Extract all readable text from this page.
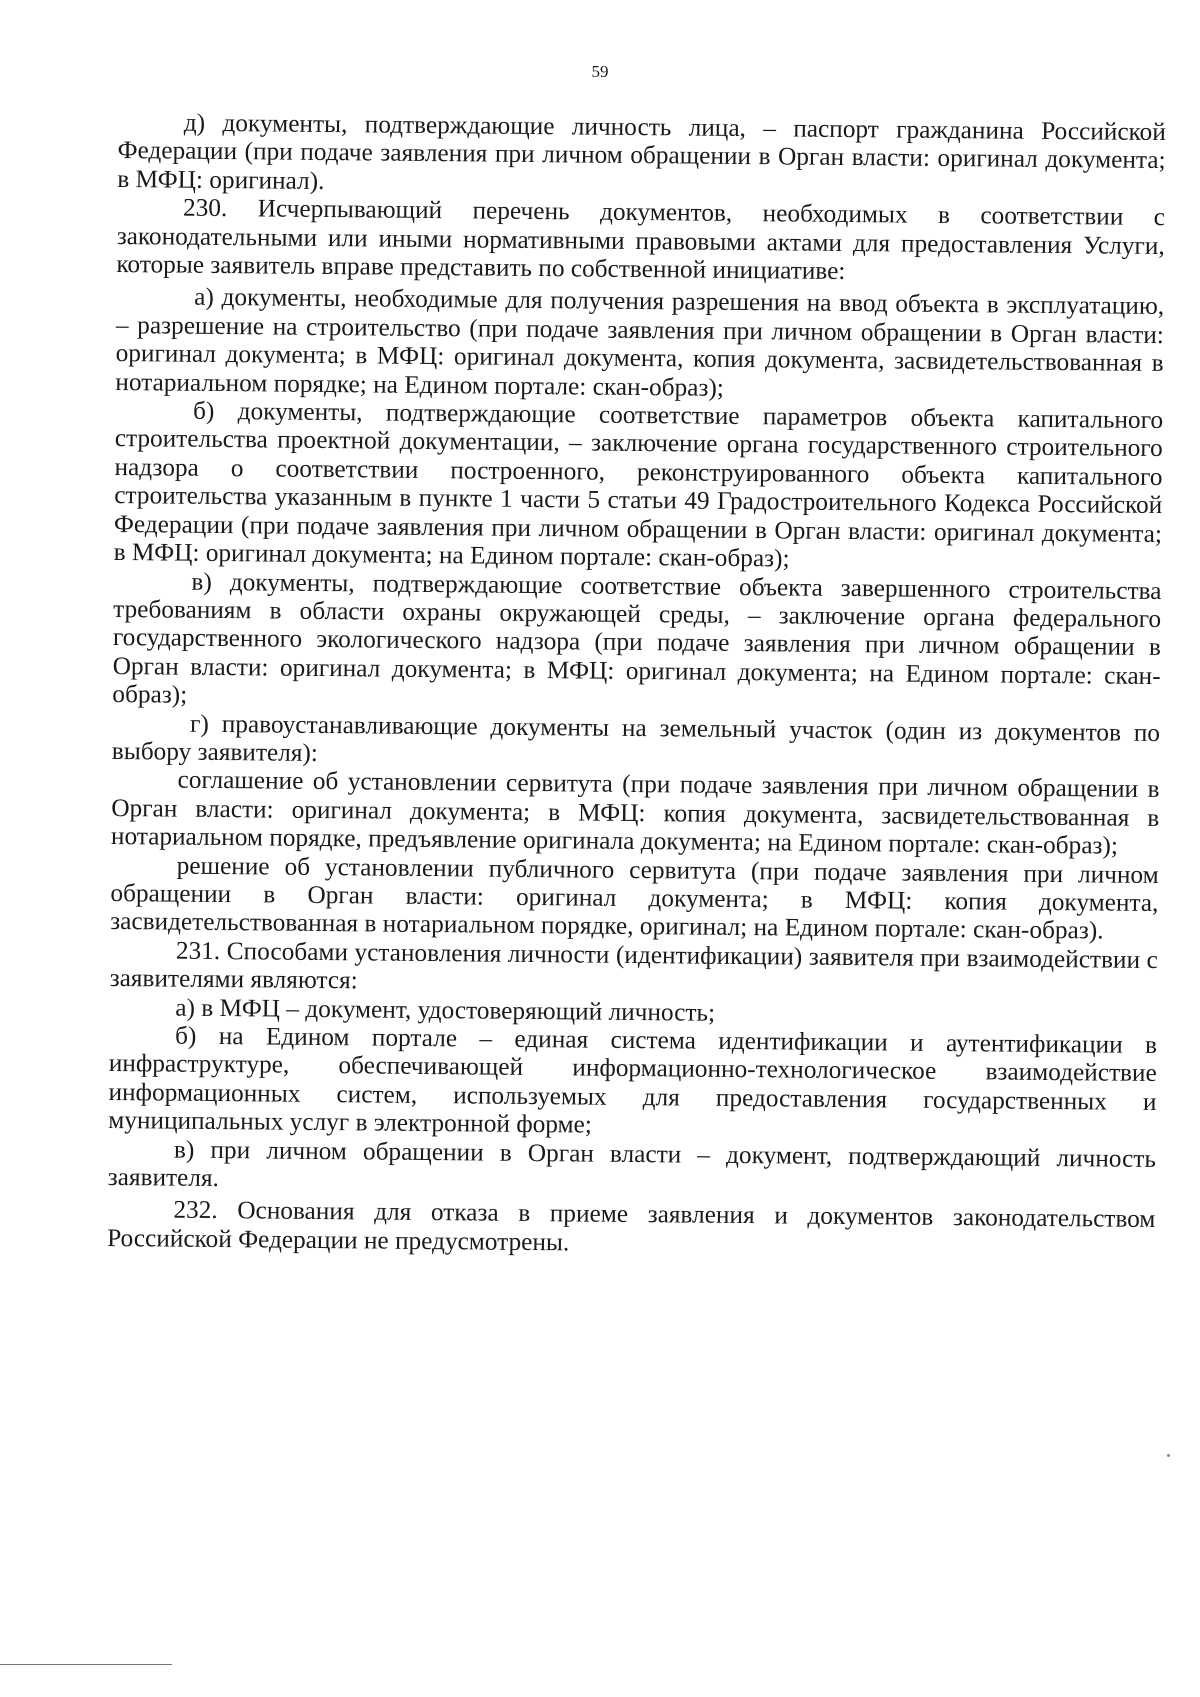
59

д) документы, подтверждающие личность лица, – паспорт гражданина Российской Федерации (при подаче заявления при личном обращении в Орган власти: оригинал документа; в МФЦ: оригинал).

230. Исчерпывающий перечень документов, необходимых в соответствии с законодательными или иными нормативными правовыми актами для предоставления Услуги, которые заявитель вправе представить по собственной инициативе:

а) документы, необходимые для получения разрешения на ввод объекта в эксплуатацию, – разрешение на строительство (при подаче заявления при личном обращении в Орган власти: оригинал документа; в МФЦ: оригинал документа, копия документа, засвидетельствованная в нотариальном порядке; на Едином портале: скан-образ);

б) документы, подтверждающие соответствие параметров объекта капитального строительства проектной документации, – заключение органа государственного строительного надзора о соответствии построенного, реконструированного объекта капитального строительства указанным в пункте 1 части 5 статьи 49 Градостроительного Кодекса Российской Федерации (при подаче заявления при личном обращении в Орган власти: оригинал документа; в МФЦ: оригинал документа; на Едином портале: скан-образ);

в) документы, подтверждающие соответствие объекта завершенного строительства требованиям в области охраны окружающей среды, – заключение органа федерального государственного экологического надзора (при подаче заявления при личном обращении в Орган власти: оригинал документа; в МФЦ: оригинал документа; на Едином портале: скан-образ);

г) правоустанавливающие документы на земельный участок (один из документов по выбору заявителя):

соглашение об установлении сервитута (при подаче заявления при личном обращении в Орган власти: оригинал документа; в МФЦ: копия документа, засвидетельствованная в нотариальном порядке, предъявление оригинала документа; на Едином портале: скан-образ);

решение об установлении публичного сервитута (при подаче заявления при личном обращении в Орган власти: оригинал документа; в МФЦ: копия документа, засвидетельствованная в нотариальном порядке, оригинал; на Едином портале: скан-образ).

231. Способами установления личности (идентификации) заявителя при взаимодействии с заявителями являются:

а) в МФЦ – документ, удостоверяющий личность;

б) на Едином портале – единая система идентификации и аутентификации в инфраструктуре, обеспечивающей информационно-технологическое взаимодействие информационных систем, используемых для предоставления государственных и муниципальных услуг в электронной форме;

в) при личном обращении в Орган власти – документ, подтверждающий личность заявителя.

232. Основания для отказа в приеме заявления и документов законодательством Российской Федерации не предусмотрены.
